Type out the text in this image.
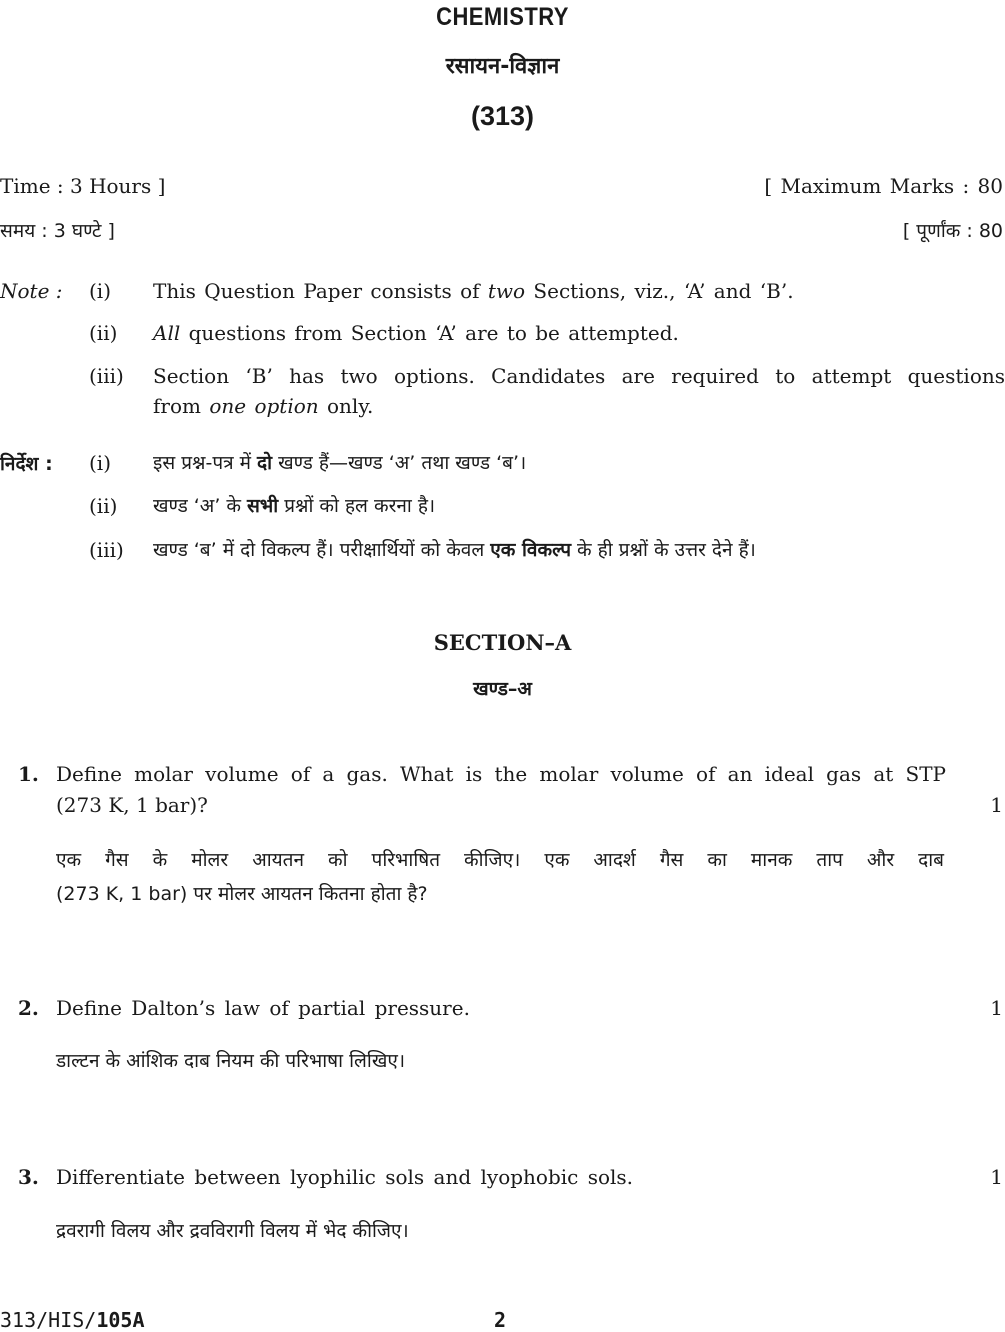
CHEMISTRY
रसायन-विज्ञान
(313)
Time : 3 Hours ]	[ Maximum Marks : 80
समय : 3 घण्टे ]	[ पूर्णांक : 80
Note : (i) This Question Paper consists of two Sections, viz., ‘A’ and ‘B’.
(ii) All questions from Section ‘A’ are to be attempted.
(iii) Section ‘B’ has two options. Candidates are required to attempt questions
from one option only.
निर्देश : (i) इस प्रश्न-पत्र में दो खण्ड हैं—खण्ड ‘अ’ तथा खण्ड ‘ब’।
(ii) खण्ड ‘अ’ के सभी प्रश्नों को हल करना है।
(iii) खण्ड ‘ब’ में दो विकल्प हैं। परीक्षार्थियों को केवल एक विकल्प के ही प्रश्नों के उत्तर देने हैं।
SECTION–A
खण्ड–अ
1. Define molar volume of a gas. What is the molar volume of an ideal gas at STP
(273 K, 1 bar)?	1
एक गैस के मोलर आयतन को परिभाषित कीजिए। एक आदर्श गैस का मानक ताप और दाब
(273 K, 1 bar) पर मोलर आयतन कितना होता है?
2. Define Dalton’s law of partial pressure.	1
डाल्टन के आंशिक दाब नियम की परिभाषा लिखिए।
3. Differentiate between lyophilic sols and lyophobic sols.	1
द्रवरागी विलय और द्रवविरागी विलय में भेद कीजिए।
313/HIS/105A	2
